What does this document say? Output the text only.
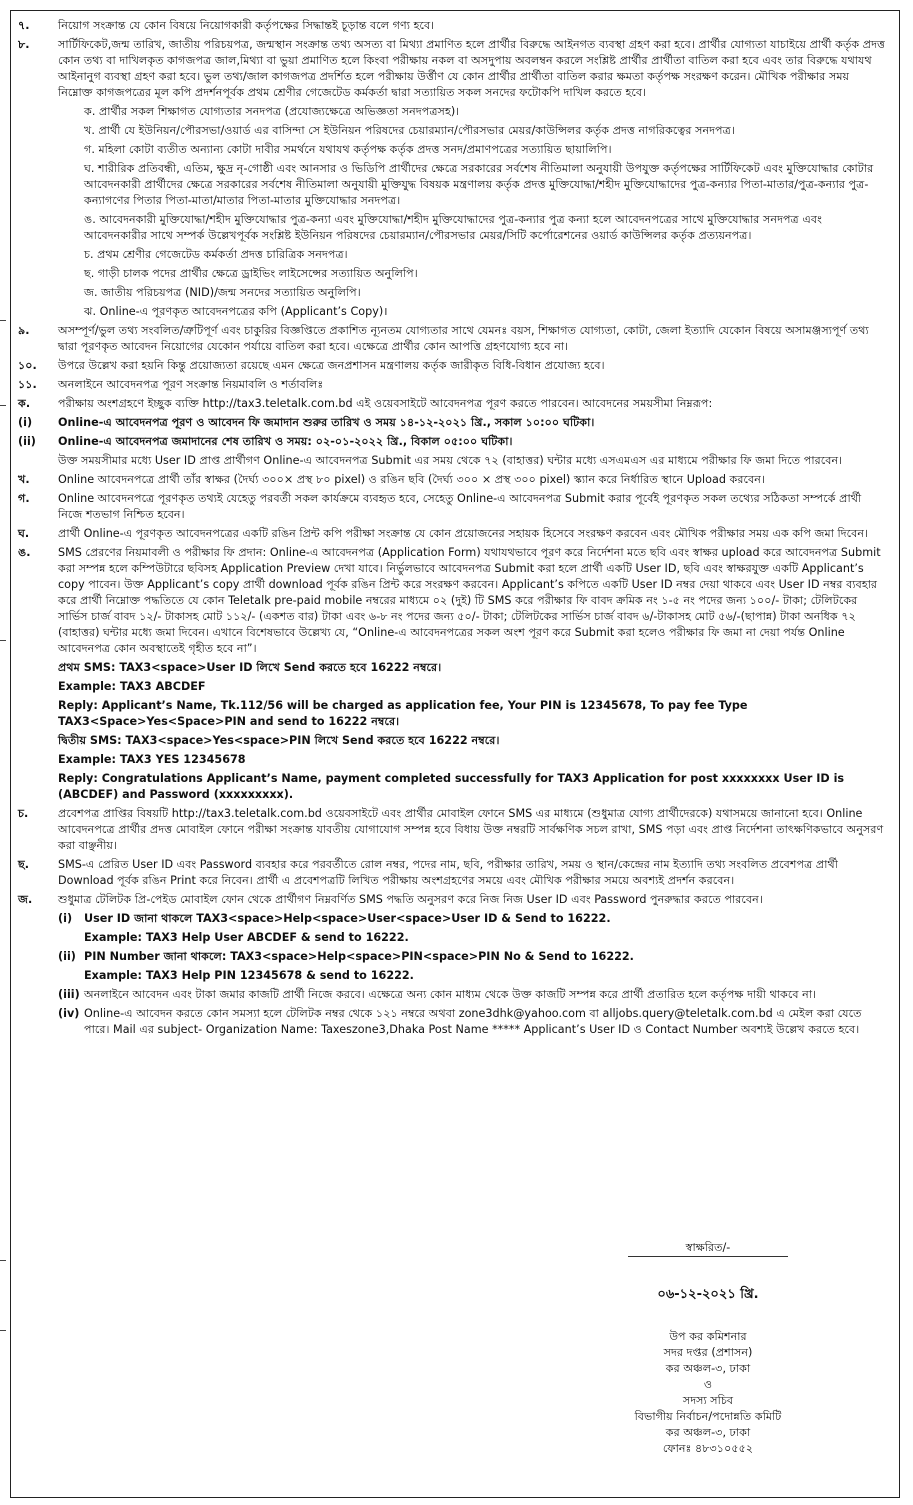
৭.	নিয়োগ সংক্রান্ত যে কোন বিষয়ে নিয়োগকারী কর্তৃপক্ষের সিদ্ধান্তই চূড়ান্ত বলে গণ্য হবে।
৮.	সার্টিফিকেট,জন্ম তারিখ, জাতীয় পরিচয়পত্র, জন্মস্থান সংক্রান্ত তথ্য অসত্য বা মিথ্যা প্রমাণিত হলে প্রার্থীর বিরুদ্ধে আইনগত ব্যবস্থা গ্রহণ করা হবে। প্রার্থীর যোগ্যতা যাচাইয়ে প্রার্থী কর্তৃক প্রদত্ত কোন তথ্য বা দাখিলকৃত কাগজপত্র জাল,মিথ্যা বা ভুয়া প্রমাণিত হলে কিংবা পরীক্ষায় নকল বা অসদুপায় অবলম্বন করলে সংশ্লিষ্ট প্রার্থীর প্রার্থীতা বাতিল করা হবে এবং তার বিরুদ্ধে যথাযথ আইনানুগ ব্যবস্থা গ্রহণ করা হবে। ভুল তথ্য/জাল কাগজপত্র প্রদর্শিত হলে পরীক্ষায় উর্ত্তীণ যে কোন প্রার্থীর প্রার্থীতা বাতিল করার ক্ষমতা কর্তৃপক্ষ সংরক্ষণ করেন। মৌখিক পরীক্ষার সময় নিম্নোক্ত কাগজপত্রের মূল কপি প্রদর্শনপূর্বক প্রথম শ্রেণীর গেজেটেড কর্মকর্তা দ্বারা সত্যায়িত সকল সনদের ফটোকপি দাখিল করতে হবে।
ক. প্রার্থীর সকল শিক্ষাগত যোগ্যতার সনদপত্র (প্রযোজ্যক্ষেত্রে অভিজ্ঞতা সনদপত্রসহ)।
খ. প্রার্থী যে ইউনিয়ন/পৌরসভা/ওয়ার্ড এর বাসিন্দা সে ইউনিয়ন পরিষদের চেয়ারম্যান/পৌরসভার মেয়র/কাউন্সিলর কর্তৃক প্রদত্ত নাগরিকত্বের সনদপত্র।
গ. মহিলা কোটা ব্যতীত অন্যান্য কোটা দাবীর সমর্থনে যথাযথ কর্তৃপক্ষ কর্তৃক প্রদত্ত সনদ/প্রমাণপত্রের সত্যায়িত ছায়ালিপি।
ঘ. শারীরিক প্রতিবন্ধী, এতিম, ক্ষুদ্র নৃ-গোষ্ঠী এবং আনসার ও ভিডিপি প্রার্থীদের ক্ষেত্রে সরকারের সর্বশেষ নীতিমালা অনুযায়ী উপযুক্ত কর্তৃপক্ষের সার্টিফিকেট এবং মুক্তিযোদ্ধার কোটার আবেদনকারী প্রার্থীদের ক্ষেত্রে সরকারের সর্বশেষ নীতিমালা অনুযায়ী মুক্তিযুদ্ধ বিষয়ক মন্ত্রণালয় কর্তৃক প্রদত্ত মুক্তিযোদ্ধা/শহীদ মুক্তিযোদ্ধাদের পুত্র-কন্যার পিতা-মাতার/পুত্র-কন্যার পুত্র-কন্যাগণের পিতার পিতা-মাতা/মাতার পিতা-মাতার মুক্তিযোদ্ধার সনদপত্র।
ঙ. আবেদনকারী মুক্তিযোদ্ধা/শহীদ মুক্তিযোদ্ধার পুত্র-কন্যা এবং মুক্তিযোদ্ধা/শহীদ মুক্তিযোদ্ধাদের পুত্র-কন্যার পুত্র কন্যা হলে আবেদনপত্রের সাথে মুক্তিযোদ্ধার সনদপত্র এবং আবেদনকারীর সাথে সম্পর্ক উল্লেখপূর্বক সংশ্লিষ্ট ইউনিয়ন পরিষদের চেয়ারম্যান/পৌরসভার মেয়র/সিটি কর্পোরেশনের ওয়ার্ড কাউন্সিলর কর্তৃক প্রত্যয়নপত্র।
চ. প্রথম শ্রেণীর গেজেটেড কর্মকর্তা প্রদত্ত চারিত্রিক সনদপত্র।
ছ. গাড়ী চালক পদের প্রার্থীর ক্ষেত্রে ড্রাইভিং লাইসেন্সের সত্যায়িত অনুলিপি।
জ. জাতীয় পরিচয়পত্র (NID)/জন্ম সনদের সত্যায়িত অনুলিপি।
ঝ. Online-এ পূরণকৃত আবেদনপত্রের কপি (Applicant’s Copy)।
৯.	অসম্পূর্ণ/ভুল তথ্য সংবলিত/ত্রুটিপূর্ণ এবং চাকুরির বিজ্ঞপ্তিতে প্রকাশিত ন্যূনতম যোগ্যতার সাথে যেমনঃ বয়স, শিক্ষাগত যোগ্যতা, কোটা, জেলা ইত্যাদি যেকোন বিষয়ে অসামঞ্জস্যপূর্ণ তথ্য দ্বারা পূরণকৃত আবেদন নিয়োগের যেকোন পর্যায়ে বাতিল করা হবে। এক্ষেত্রে প্রার্থীর কোন আপত্তি গ্রহণযোগ্য হবে না।
১০.	উপরে উল্লেখ করা হয়নি কিন্তু প্রয়োজ্যতা রয়েছে এমন ক্ষেত্রে জনপ্রশাসন মন্ত্রণালয় কর্তৃক জারীকৃত বিধি-বিধান প্রযোজ্য হবে।
১১.	অনলাইনে আবেদনপত্র পূরণ সংক্রান্ত নিয়মাবলি ও শর্তাবলিঃ
ক.	পরীক্ষায় অংশগ্রহণে ইচ্ছুক ব্যক্তি http://tax3.teletalk.com.bd এই ওয়েবসাইটে আবেদনপত্র পূরণ করতে পারবেন। আবেদনের সময়সীমা নিম্নরূপ:
(i)	Online-এ আবেদনপত্র পূরণ ও আবেদন ফি জমাদান শুরুর তারিখ ও সময় ১৪-১২-২০২১ খ্রি., সকাল ১০:০০ ঘটিকা।
(ii)	Online-এ আবেদনপত্র জমাদানের শেষ তারিখ ও সময়: ০২-০১-২০২২ খ্রি., বিকাল ০৫:০০ ঘটিকা।
উক্ত সময়সীমার মধ্যে User ID প্রাপ্ত প্রার্থীগণ Online-এ আবেদনপত্র Submit এর সময় থেকে ৭২ (বাহাত্তর) ঘন্টার মধ্যে এসএমএস এর মাধ্যমে পরীক্ষার ফি জমা দিতে পারবেন।
খ.	Online আবেদনপত্রে প্রার্থী তাঁর স্বাক্ষর (দৈর্ঘ্য ৩০০× প্রস্থ ৮০ pixel) ও রঙিন ছবি (দৈর্ঘ্য ৩০০ × প্রস্থ ৩০০ pixel) স্ক্যান করে নির্ধারিত স্থানে Upload করবেন।
গ.	Online আবেদনপত্রে পূরণকৃত তথ্যই যেহেতু পরবর্তী সকল কার্যক্রমে ব্যবহৃত হবে, সেহেতু Online-এ আবেদনপত্র Submit করার পূর্বেই পূরণকৃত সকল তথ্যের সঠিকতা সম্পর্কে প্রার্থী নিজে শতভাগ নিশ্চিত হবেন।
ঘ.	প্রার্থী Online-এ পূরণকৃত আবেদনপত্রের একটি রঙিন প্রিন্ট কপি পরীক্ষা সংক্রান্ত যে কোন প্রয়োজনের সহায়ক হিসেবে সংরক্ষণ করবেন এবং মৌখিক পরীক্ষার সময় এক কপি জমা দিবেন।
ঙ.	SMS প্রেরণের নিয়মাবলী ও পরীক্ষার ফি প্রদান: Online-এ আবেদনপত্র (Application Form) যথাযথভাবে পূরণ করে নির্দেশনা মতে ছবি এবং স্বাক্ষর upload করে আবেদনপত্র Submit করা সম্পন্ন হলে কম্পিউটারে ছবিসহ Application Preview দেখা যাবে। নির্ভুলভাবে আবেদনপত্র Submit করা হলে প্রার্থী একটি User ID, ছবি এবং স্বাক্ষরযুক্ত একটি Applicant’s copy পাবেন। উক্ত Applicant’s copy প্রার্থী download পূর্বক রঙিন প্রিন্ট করে সংরক্ষণ করবেন। Applicant’s কপিতে একটি User ID নম্বর দেয়া থাকবে এবং User ID নম্বর ব্যবহার করে প্রার্থী নিম্নোক্ত পদ্ধতিতে যে কোন Teletalk pre-paid mobile নম্বরের মাধ্যমে ০২ (দুই) টি SMS করে পরীক্ষার ফি বাবদ ক্রমিক নং ১-৫ নং পদের জন্য ১০০/- টাকা; টেলিটকের সার্ভিস চার্জ বাবদ ১২/- টাকাসহ মোট ১১২/- (একশত বার) টাকা এবং ৬-৮ নং পদের জন্য ৫০/- টাকা; টেলিটকের সার্ভিস চার্জ বাবদ ৬/-টাকাসহ মোট ৫৬/-(ছাপান্ন) টাকা অনধিক ৭২ (বাহাত্তর) ঘন্টার মধ্যে জমা দিবেন। এখানে বিশেষভাবে উল্লেখ্য যে, “Online-এ আবেদনপত্রের সকল অংশ পূরণ করে Submit করা হলেও পরীক্ষার ফি জমা না দেয়া পর্যন্ত Online আবেদনপত্র কোন অবস্থাতেই গৃহীত হবে না”।
প্রথম SMS: TAX3<space>User ID লিখে Send করতে হবে 16222 নম্বরে।
Example: TAX3 ABCDEF
Reply: Applicant’s Name, Tk.112/56 will be charged as application fee, Your PIN is 12345678, To pay fee Type TAX3<Space>Yes<Space>PIN and send to 16222 নম্বরে।
দ্বিতীয় SMS: TAX3<space>Yes<space>PIN লিখে Send করতে হবে 16222 নম্বরে।
Example: TAX3 YES 12345678
Reply: Congratulations Applicant’s Name, payment completed successfully for TAX3 Application for post xxxxxxxx User ID is (ABCDEF) and Password (xxxxxxxxx).
চ.	প্রবেশপত্র প্রাপ্তির বিষয়টি http://tax3.teletalk.com.bd ওয়েবসাইটে এবং প্রার্থীর মোবাইল ফোনে SMS এর মাধ্যমে (শুধুমাত্র যোগ্য প্রার্থীদেরকে) যথাসময়ে জানানো হবে। Online আবেদনপত্রে প্রার্থীর প্রদত্ত মোবাইল ফোনে পরীক্ষা সংক্রান্ত যাবতীয় যোগাযোগ সম্পন্ন হবে বিধায় উক্ত নম্বরটি সার্বক্ষণিক সচল রাখা, SMS পড়া এবং প্রাপ্ত নির্দেশনা তাৎক্ষণিকভাবে অনুসরণ করা বাঞ্ছনীয়।
ছ.	SMS-এ প্রেরিত User ID এবং Password ব্যবহার করে পরবর্তীতে রোল নম্বর, পদের নাম, ছবি, পরীক্ষার তারিখ, সময় ও স্থান/কেন্দ্রের নাম ইত্যাদি তথ্য সংবলিত প্রবেশপত্র প্রার্থী Download পূর্বক রঙিন Print করে নিবেন। প্রার্থী এ প্রবেশপত্রটি লিখিত পরীক্ষায় অংশগ্রহণের সময়ে এবং মৌখিক পরীক্ষার সময়ে অবশ্যই প্রদর্শন করবেন।
জ.	শুধুমাত্র টেলিটক প্রি-পেইড মোবাইল ফোন থেকে প্রার্থীগণ নিম্নবর্ণিত SMS পদ্ধতি অনুসরণ করে নিজ নিজ User ID এবং Password পুনরুদ্ধার করতে পারবেন।
(i)	User ID জানা থাকলে TAX3<space>Help<space>User<space>User ID & Send to 16222.
Example: TAX3 Help User ABCDEF & send to 16222.
(ii) PIN Number জানা থাকলে: TAX3<space>Help<space>PIN<space>PIN No & Send to 16222.
Example: TAX3 Help PIN 12345678 & send to 16222.
(iii) অনলাইনে আবেদন এবং টাকা জমার কাজটি প্রার্থী নিজে করবে। এক্ষেত্রে অন্য কোন মাধ্যম থেকে উক্ত কাজটি সম্পন্ন করে প্রার্থী প্রতারিত হলে কর্তৃপক্ষ দায়ী থাকবে না।
(iv) Online-এ আবেদন করতে কোন সমস্যা হলে টেলিটক নম্বর থেকে ১২১ নম্বরে অথবা zone3dhk@yahoo.com বা alljobs.query@teletalk.com.bd এ মেইল করা যেতে পারে। Mail এর subject- Organization Name: Taxeszone3,Dhaka Post Name ***** Applicant’s User ID ও Contact Number অবশ্যই উল্লেখ করতে হবে।
স্বাক্ষরিত/-
০৬-১২-২০২১ খ্রি.
উপ কর কমিশনার
সদর দপ্তর (প্রশাসন)
কর অঞ্চল-৩, ঢাকা
ও
সদস্য সচিব
বিভাগীয় নির্বাচন/পদোন্নতি কমিটি
কর অঞ্চল-৩, ঢাকা
ফোনঃ ৪৮৩১০৫৫২
